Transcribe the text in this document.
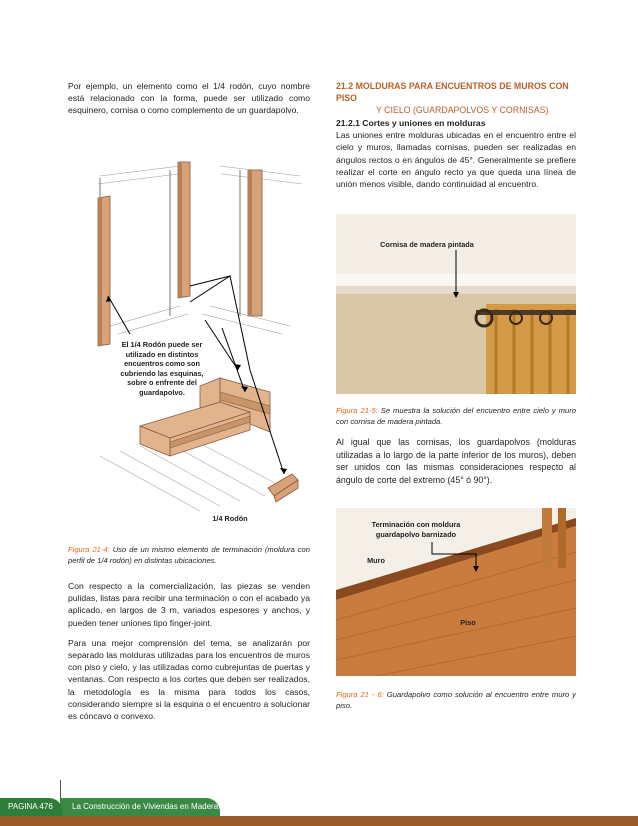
Por ejemplo, un elemento como el 1/4 rodón, cuyo nombre está relacionado con la forma, puede ser utilizado como esquinero, cornisa o como complemento de un guardapolvo.

El 1/4 Rodón puede ser utilizado en distintos encuentros como son cubriendo las esquinas, sobre o enfrente del guardapolvo.
1/4 Rodón
Figura 21-4: Uso de un mismo elemento de terminación (moldura con perfil de 1/4 rodón) en distintas ubicaciones.

Con respecto a la comercialización, las piezas se venden pulidas, listas para recibir una terminación o con el acabado ya aplicado, en largos de 3 m, variados espesores y anchos, y pueden tener uniones tipo finger-joint.

Para una mejor comprensión del tema, se analizarán por separado las molduras utilizadas para los encuentros de muros con piso y cielo, y las utilizadas como cubrejuntas de puertas y ventanas. Con respecto a los cortes que deben ser realizados, la metodología es la misma para todos los casos, considerando siempre si la esquina o el encuentro a solucionar es cóncavo o convexo.

21.2 MOLDURAS PARA ENCUENTROS DE MUROS CON PISO
Y CIELO (GUARDAPOLVOS Y CORNISAS)
21.2.1 Cortes y uniones en molduras

Las uniones entre molduras ubicadas en el encuentro entre el cielo y muros, llamadas cornisas, pueden ser realizadas en ángulos rectos o en ángulos de 45°. Generalmente se prefiere realizar el corte en ángulo recto ya que queda una línea de unión menos visible, dando continuidad al encuentro.

Cornisa de madera pintada
Figura 21-5: Se muestra la solución del encuentro entre cielo y muro con cornisa de madera pintada.

Al igual que las cornisas, los guardapolvos (molduras utilizadas a lo largo de la parte inferior de los muros), deben ser unidos con las mismas consideraciones respecto al ángulo de corte del extremo (45° ó 90°).

Terminación con moldura guardapolvo barnizado
Muro
Piso
Figura 21 - 6: Guardapolvo como solución al encuentro entre muro y piso.
La Construcción de Viviendas en Madera
PAGINA 476
